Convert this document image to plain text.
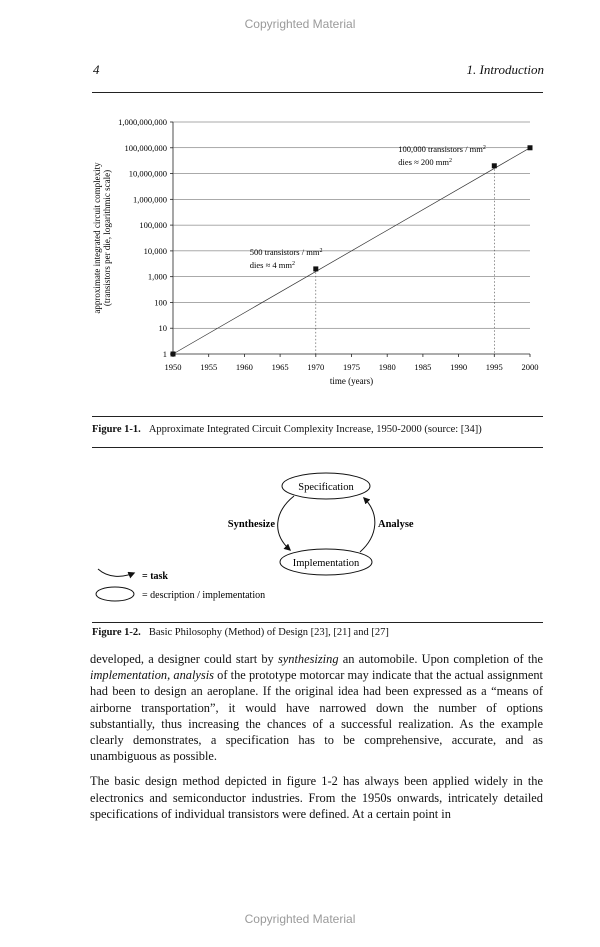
Copyrighted Material
4	1. Introduction
approximate integrated circuit complexity (transistors per die, logarithmic scale)
1
10
100
1,000
10,000
100,000
1,000,000
10,000,000
100,000,000
1,000,000,000
1950 1955 1960 1965 1970 1975 1980 1985 1990 1995 2000
100,000 transistors / $mm^2$
dies ≈ 200 $mm^2$
500 transistors / $mm^2$
dies ≈ 4 $mm^2$
time (years)
Figure 1-1. Approximate Integrated Circuit Complexity Increase, 1950-2000 (source: [34])
Specification
Implementation
Synthesize	Analyse
= task
= description / implementation
Figure 1-2. Basic Philosophy (Method) of Design [23], [21] and [27]

developed, a designer could start by synthesizing an automobile. Upon completion of the implementation, analysis of the prototype motorcar may indicate that the actual assignment had been to design an aeroplane. If the original idea had been expressed as a “means of airborne transportation”, it would have narrowed down the number of options substantially, thus increasing the chances of a successful realization. As the example clearly demonstrates, a specification has to be comprehensive, accurate, and as unambiguous as possible.

The basic design method depicted in figure 1-2 has always been applied widely in the electronics and semiconductor industries. From the 1950s onwards, intricately detailed specifications of individual transistors were defined. At a certain point in

Copyrighted Material
